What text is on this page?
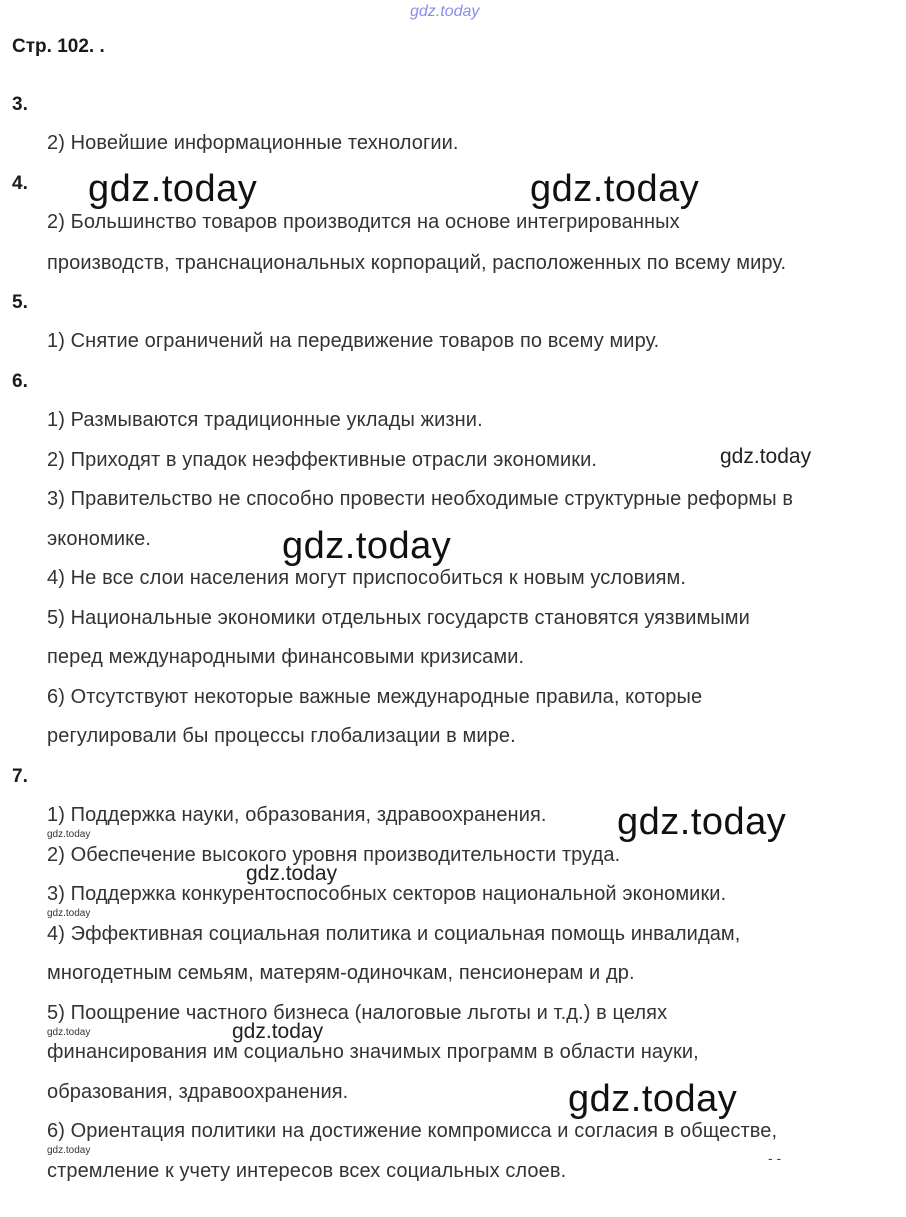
gdz.today
Стр. 102. .
3.
2) Новейшие информационные технологии.
4.
2) Большинство товаров производится на основе интегрированных
производств, транснациональных корпораций, расположенных по всему миру.
5.
1) Снятие ограничений на передвижение товаров по всему миру.
6.
1) Размываются традиционные уклады жизни.
2) Приходят в упадок неэффективные отрасли экономики.
3) Правительство не способно провести необходимые структурные реформы в
экономике.
4) Не все слои населения могут приспособиться к новым условиям.
5) Национальные экономики отдельных государств становятся уязвимыми
перед международными финансовыми кризисами.
6) Отсутствуют некоторые важные международные правила, которые
регулировали бы процессы глобализации в мире.
7.
1) Поддержка науки, образования, здравоохранения.
2) Обеспечение высокого уровня производительности труда.
3) Поддержка конкурентоспособных секторов национальной экономики.
4) Эффективная социальная политика и социальная помощь инвалидам,
многодетным семьям, матерям-одиночкам, пенсионерам и др.
5) Поощрение частного бизнеса (налоговые льготы и т.д.) в целях
финансирования им социально значимых программ в области науки,
образования, здравоохранения.
6) Ориентация политики на достижение компромисса и согласия в обществе,
стремление к учету интересов всех социальных слоев.
gdz.today	gdz.today
gdz.today
gdz.today
gdz.today
gdz.today
gdz.today
gdz.today
gdz.today	gdz.today
gdz.today
gdz.today	- -
